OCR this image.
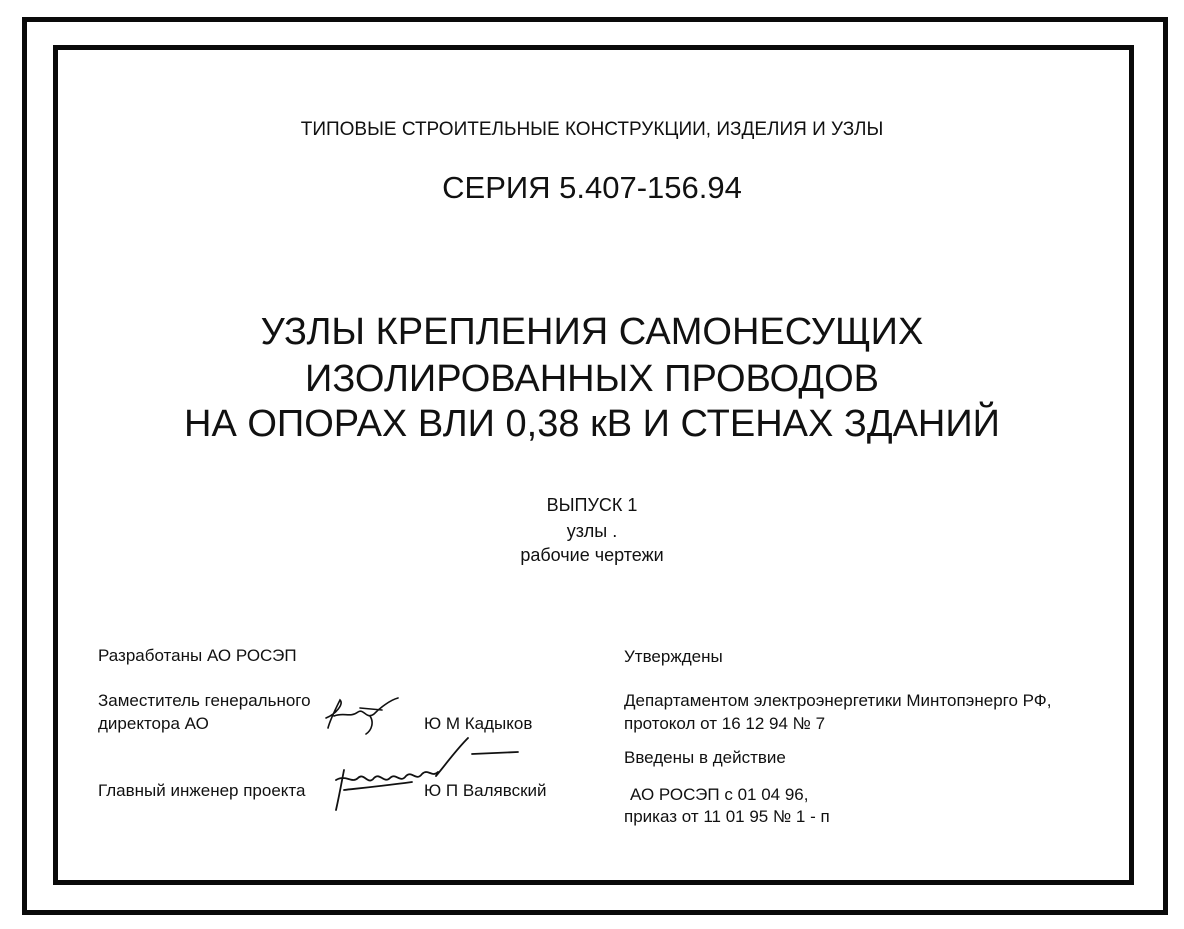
ТИПОВЫЕ СТРОИТЕЛЬНЫЕ КОНСТРУКЦИИ, ИЗДЕЛИЯ И УЗЛЫ
СЕРИЯ 5.407-156.94
УЗЛЫ КРЕПЛЕНИЯ САМОНЕСУЩИХ
ИЗОЛИРОВАННЫХ ПРОВОДОВ
НА ОПОРАХ ВЛИ 0,38 кВ И СТЕНАХ ЗДАНИЙ
ВЫПУСК 1
узлы .
рабочие чертежи
Разработаны АО РОСЭП
Заместитель генерального
директора АО	Ю М Кадыков
Главный инженер проекта	Ю П Валявский
Утверждены
Департаментом электроэнергетики Минтопэнерго РФ,
протокол от 16 12 94 № 7
Введены в действие
АО РОСЭП с 01 04 96,
приказ от 11 01 95 № 1 - п
